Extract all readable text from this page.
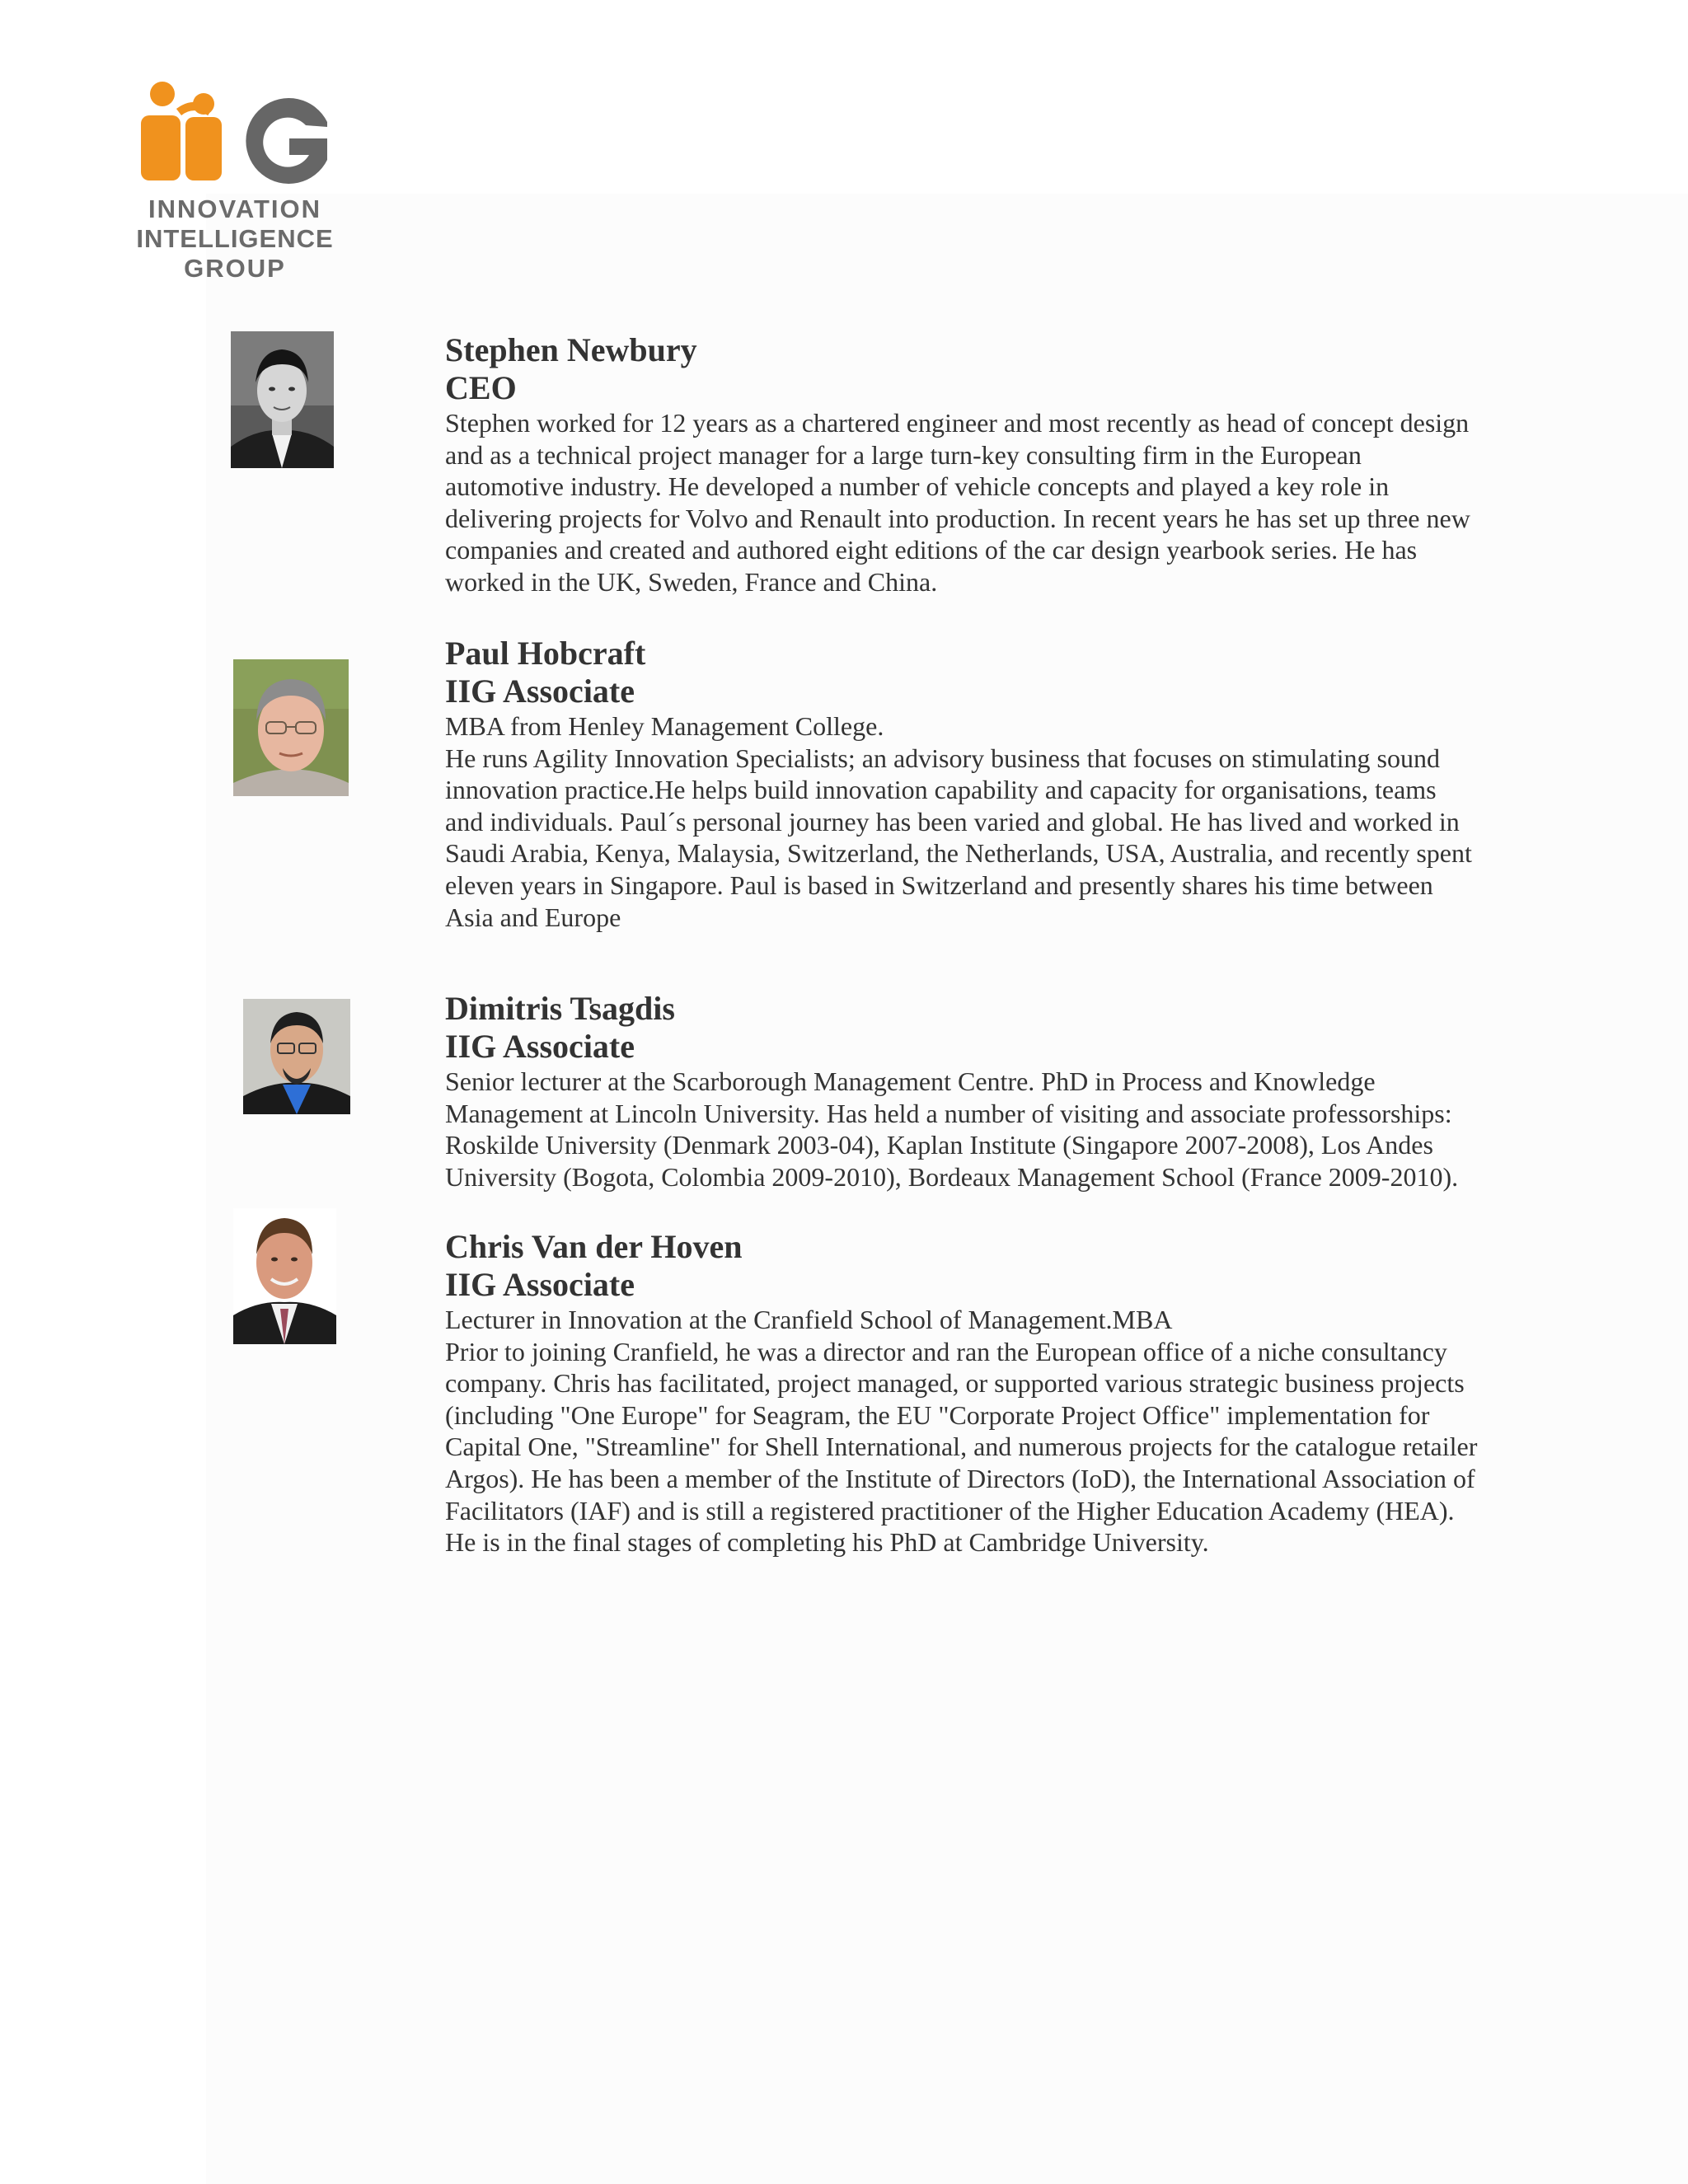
INNOVATION
INTELLIGENCE
GROUP
Stephen Newbury
CEO
Stephen worked for 12 years as a chartered engineer and most recently as head of concept design
and as a technical project manager for a large turn-key consulting firm in the European
automotive industry. He developed a number of vehicle concepts and played a key role in
delivering projects for Volvo and Renault into production. In recent years he has set up three new
companies and created and authored eight editions of the car design yearbook series. He has
worked in the UK, Sweden, France and China.
Paul Hobcraft
IIG Associate
MBA from Henley Management College.
He runs Agility Innovation Specialists; an advisory business that focuses on stimulating sound
innovation practice.He helps build innovation capability and capacity for organisations, teams
and individuals. Paul´s personal journey has been varied and global. He has lived and worked in
Saudi Arabia, Kenya, Malaysia, Switzerland, the Netherlands, USA, Australia, and recently spent
eleven years in Singapore. Paul is based in Switzerland and presently shares his time between
Asia and Europe
Dimitris Tsagdis
IIG Associate
Senior lecturer at the Scarborough Management Centre. PhD in Process and Knowledge
Management at Lincoln University. Has held a number of visiting and associate professorships:
Roskilde University (Denmark 2003-04), Kaplan Institute (Singapore 2007-2008), Los Andes
University (Bogota, Colombia 2009-2010), Bordeaux Management School (France 2009-2010).
Chris Van der Hoven
IIG Associate
Lecturer in Innovation at the Cranfield School of Management.MBA
Prior to joining Cranfield, he was a director and ran the European office of a niche consultancy
company. Chris has facilitated, project managed, or supported various strategic business projects
(including "One Europe" for Seagram, the EU "Corporate Project Office" implementation for
Capital One, "Streamline" for Shell International, and numerous projects for the catalogue retailer
Argos). He has been a member of the Institute of Directors (IoD), the International Association of
Facilitators (IAF) and is still a registered practitioner of the Higher Education Academy (HEA).
He is in the final stages of completing his PhD at Cambridge University.
